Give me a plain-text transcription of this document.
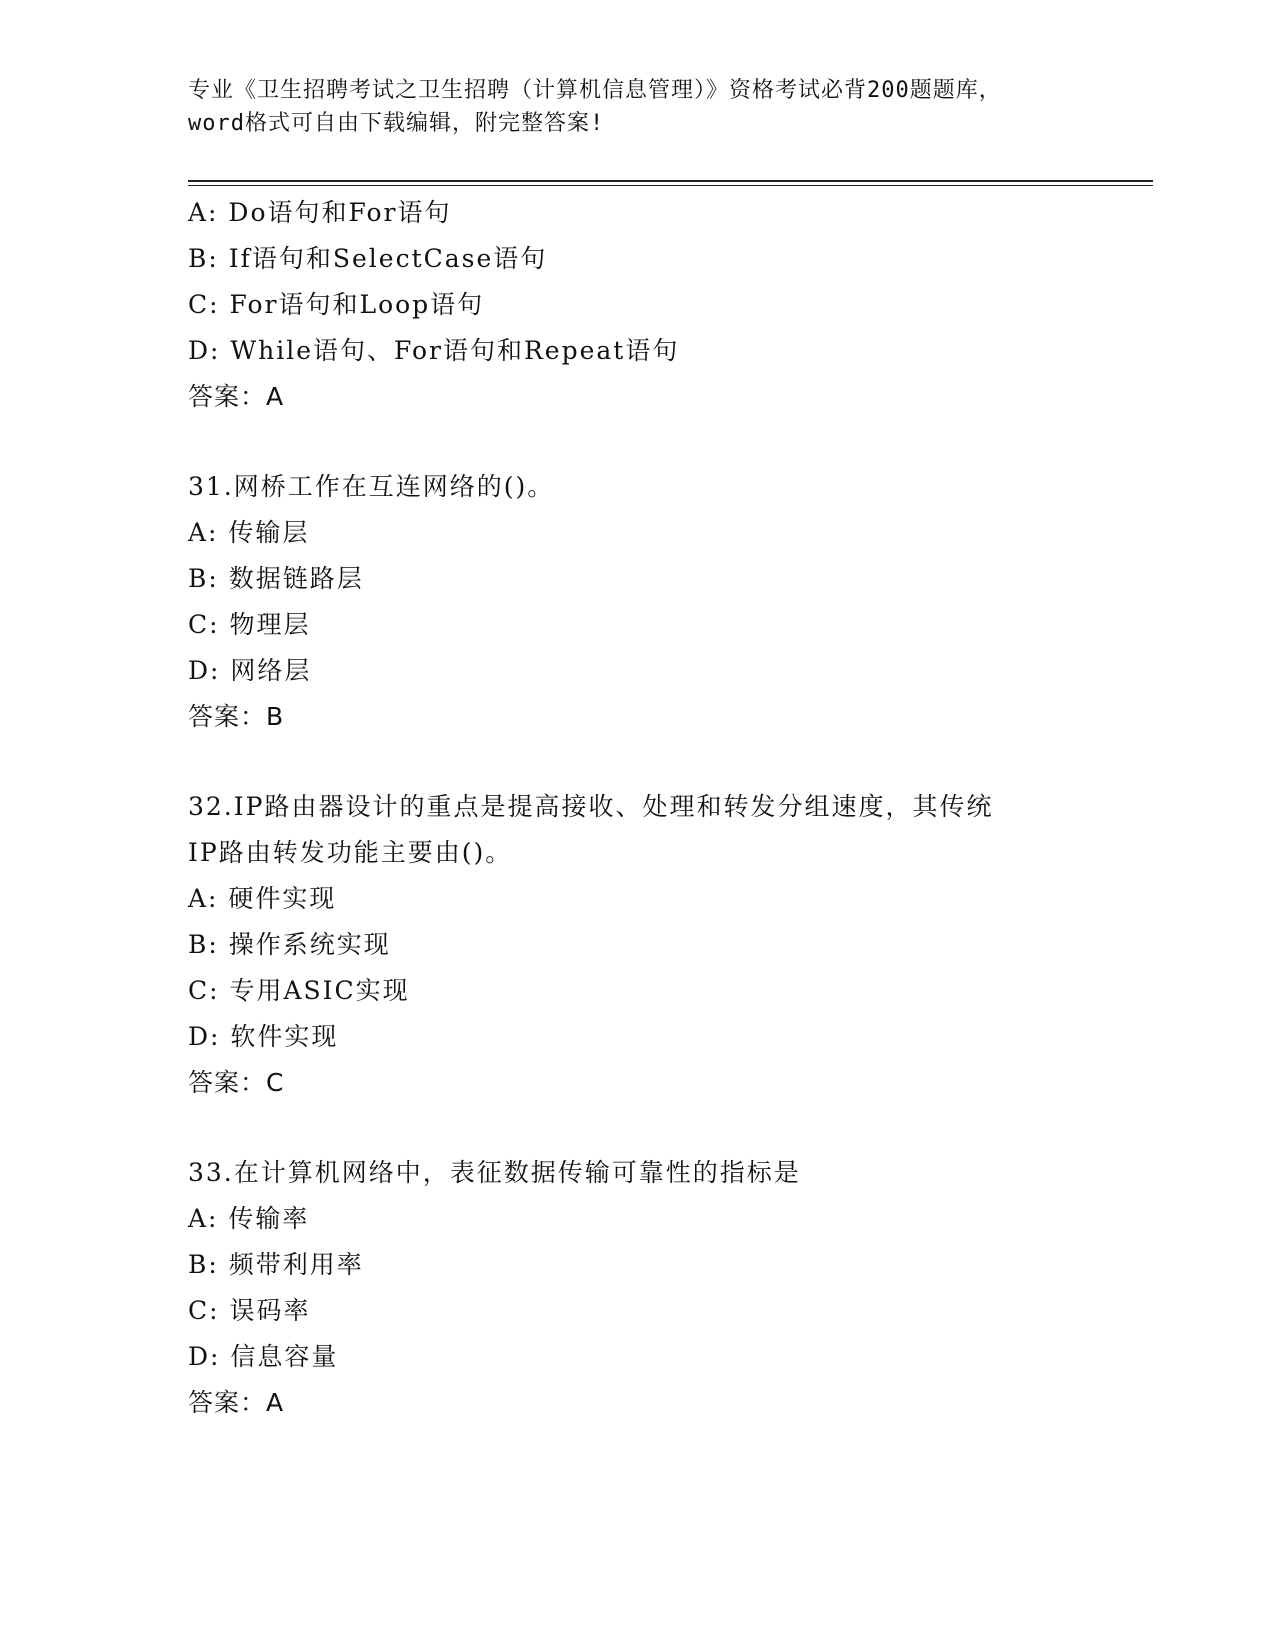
专业《卫生招聘考试之卫生招聘（计算机信息管理）》资格考试必背200题题库，
word格式可自由下载编辑，附完整答案!
A: Do语句和For语句
B: If语句和SelectCase语句
C: For语句和Loop语句
D: While语句、For语句和Repeat语句
答案：A
31.网桥工作在互连网络的()。
A: 传输层
B: 数据链路层
C: 物理层
D: 网络层
答案：B
32.IP路由器设计的重点是提高接收、处理和转发分组速度，其传统
IP路由转发功能主要由()。
A: 硬件实现
B: 操作系统实现
C: 专用ASIC实现
D: 软件实现
答案：C
33.在计算机网络中，表征数据传输可靠性的指标是
A: 传输率
B: 频带利用率
C: 误码率
D: 信息容量
答案：A
